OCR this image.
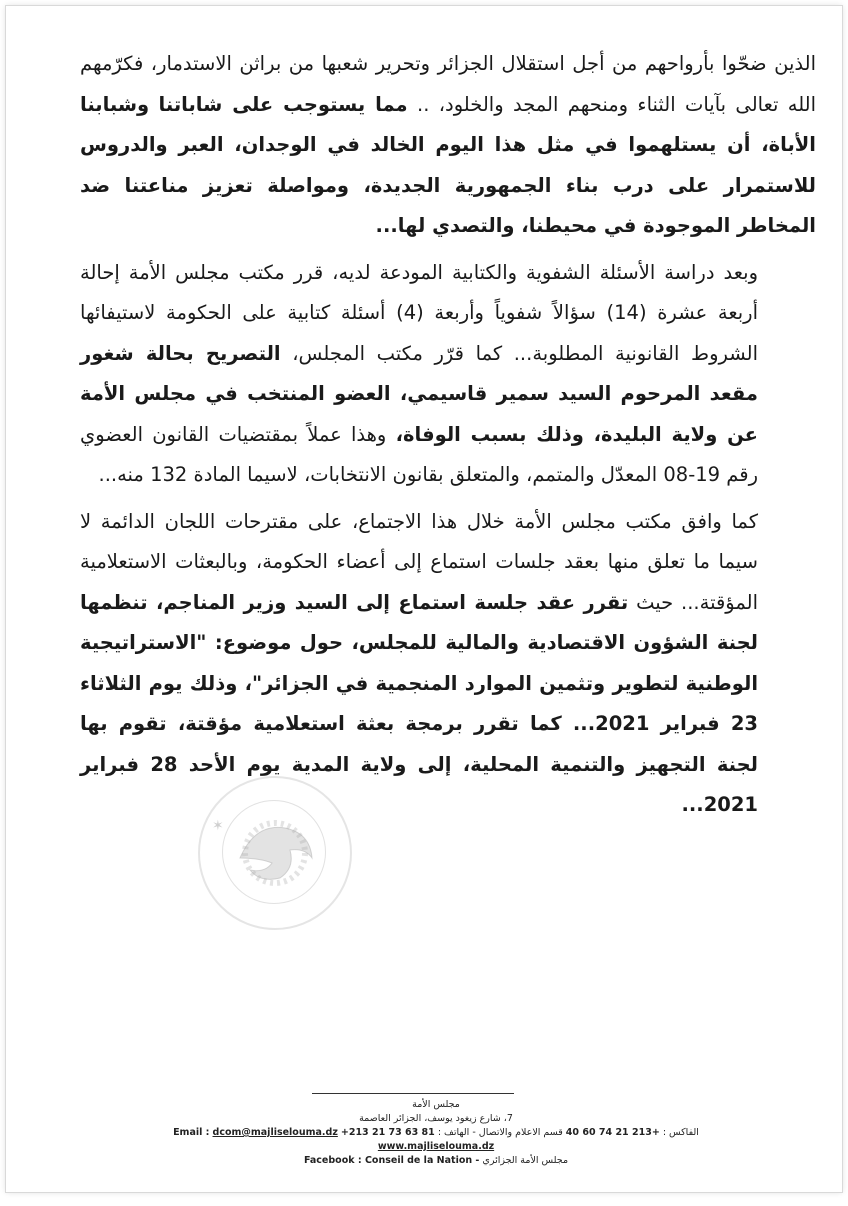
الذين ضحّوا بأرواحهم من أجل استقلال الجزائر وتحرير شعبها من براثن الاستدمار، فكرّمهم الله تعالى بآيات الثناء ومنحهم المجد والخلود، .. مما يستوجب على شاباتنا وشبابنا الأباة، أن يستلهموا في مثل هذا اليوم الخالد في الوجدان، العبر والدروس للاستمرار على درب بناء الجمهورية الجديدة، ومواصلة تعزيز مناعتنا ضد المخاطر الموجودة في محيطنا، والتصدي لها...

وبعد دراسة الأسئلة الشفوية والكتابية المودعة لديه، قرر مكتب مجلس الأمة إحالة أربعة عشرة (14) سؤالاً شفوياً وأربعة (4) أسئلة كتابية على الحكومة لاستيفائها الشروط القانونية المطلوبة... كما قرّر مكتب المجلس، التصريح بحالة شغور مقعد المرحوم السيد سمير قاسيمي، العضو المنتخب في مجلس الأمة عن ولاية البليدة، وذلك بسبب الوفاة، وهذا عملاً بمقتضيات القانون العضوي رقم 19-08 المعدّل والمتمم، والمتعلق بقانون الانتخابات، لاسيما المادة 132 منه...

كما وافق مكتب مجلس الأمة خلال هذا الاجتماع، على مقترحات اللجان الدائمة لا سيما ما تعلق منها بعقد جلسات استماع إلى أعضاء الحكومة، وبالبعثات الاستعلامية المؤقتة... حيث تقرر عقد جلسة استماع إلى السيد وزير المناجم، تنظمها لجنة الشؤون الاقتصادية والمالية للمجلس، حول موضوع: "الاستراتيجية الوطنية لتطوير وتثمين الموارد المنجمية في الجزائر"، وذلك يوم الثلاثاء 23 فبراير 2021... كما تقرر برمجة بعثة استعلامية مؤقتة، تقوم بها لجنة التجهيز والتنمية المحلية، إلى ولاية المدية يوم الأحد 28 فبراير 2021...

✶
مجلس الأمة
7، شارع زيغود يوسف، الجزائر العاصمة
Email : dcom@majliselouma.dz +213 21 73 63 81	الفاكس : +213 21 74 60 40 قسم الاعلام والاتصال - الهاتف :
www.majliselouma.dz
Facebook : Conseil de la Nation - مجلس الأمة الجزائري
